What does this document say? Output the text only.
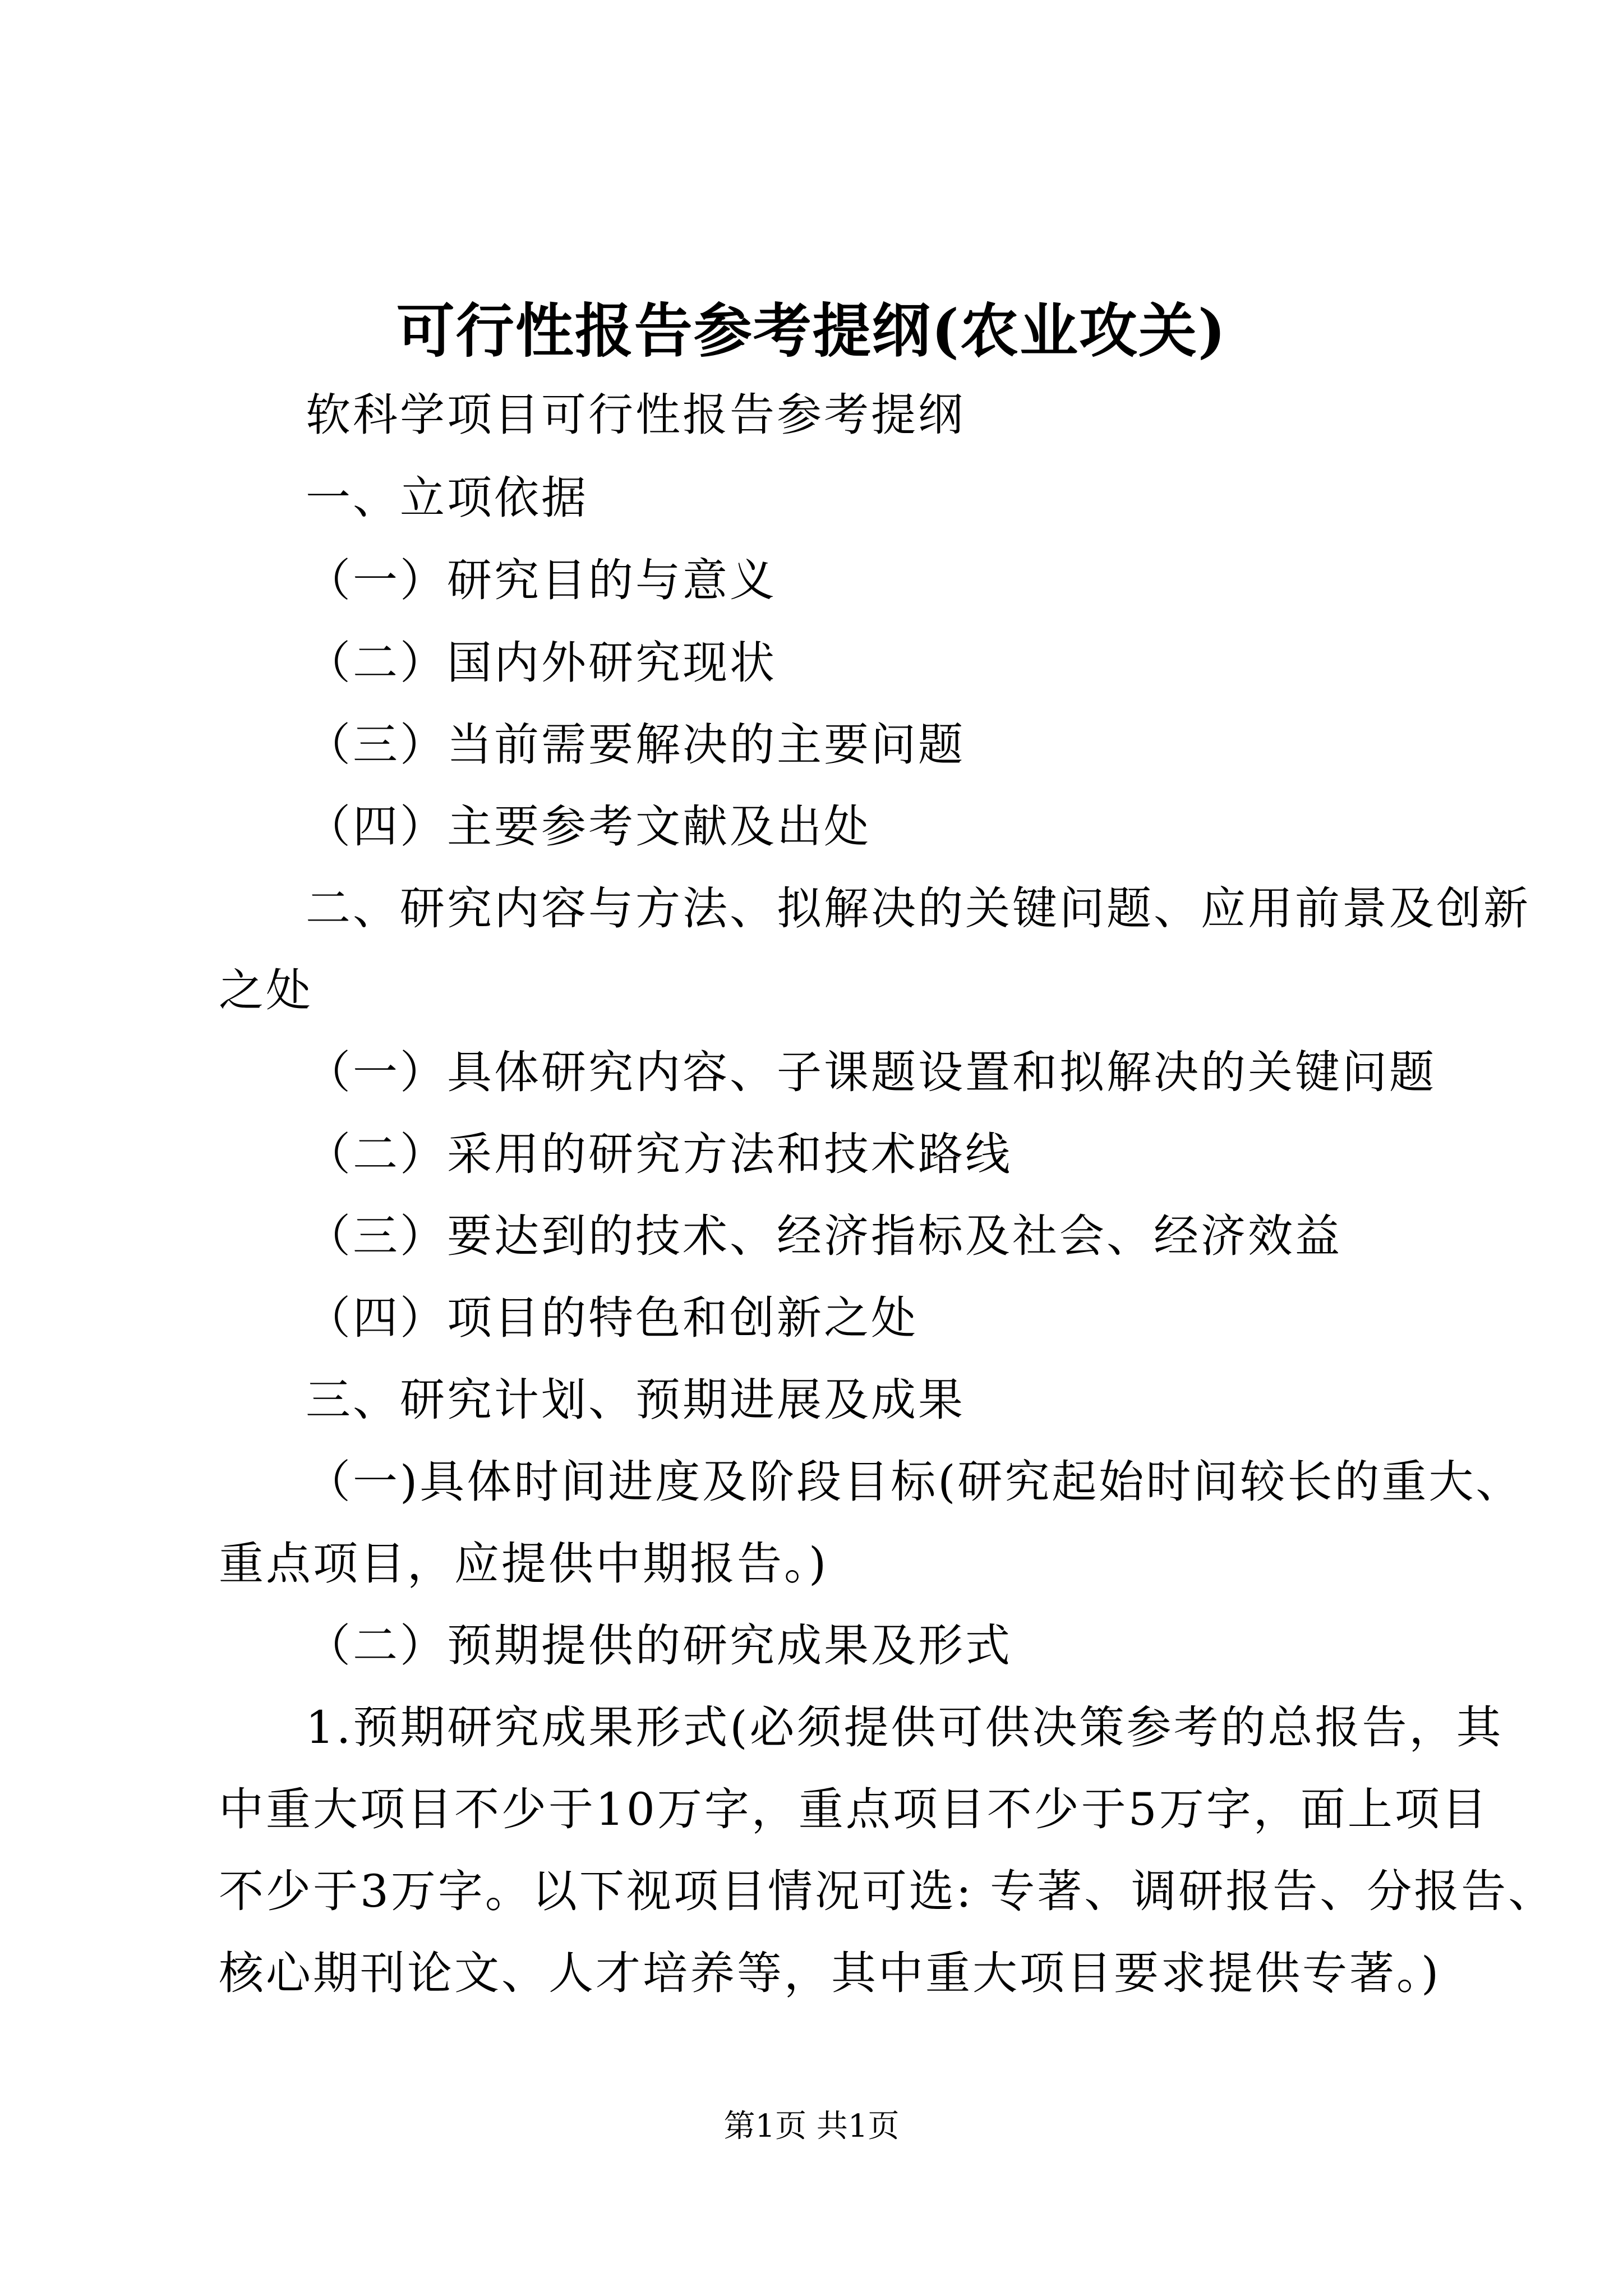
可行性报告参考提纲(农业攻关)
软科学项目可行性报告参考提纲
一、立项依据
（一）研究目的与意义
（二）国内外研究现状
（三）当前需要解决的主要问题
（四）主要参考文献及出处
二、研究内容与方法、拟解决的关键问题、应用前景及创新
之处
（一）具体研究内容、子课题设置和拟解决的关键问题
（二）采用的研究方法和技术路线
（三）要达到的技术、经济指标及社会、经济效益
（四）项目的特色和创新之处
三、研究计划、预期进展及成果
（一)具体时间进度及阶段目标(研究起始时间较长的重大、
重点项目，应提供中期报告。)
（二）预期提供的研究成果及形式
1.预期研究成果形式(必须提供可供决策参考的总报告，其
中重大项目不少于10万字，重点项目不少于5万字，面上项目
不少于3万字。以下视项目情况可选: 专著、调研报告、分报告、
核心期刊论文、人才培养等，其中重大项目要求提供专著。)
第1页 共1页
